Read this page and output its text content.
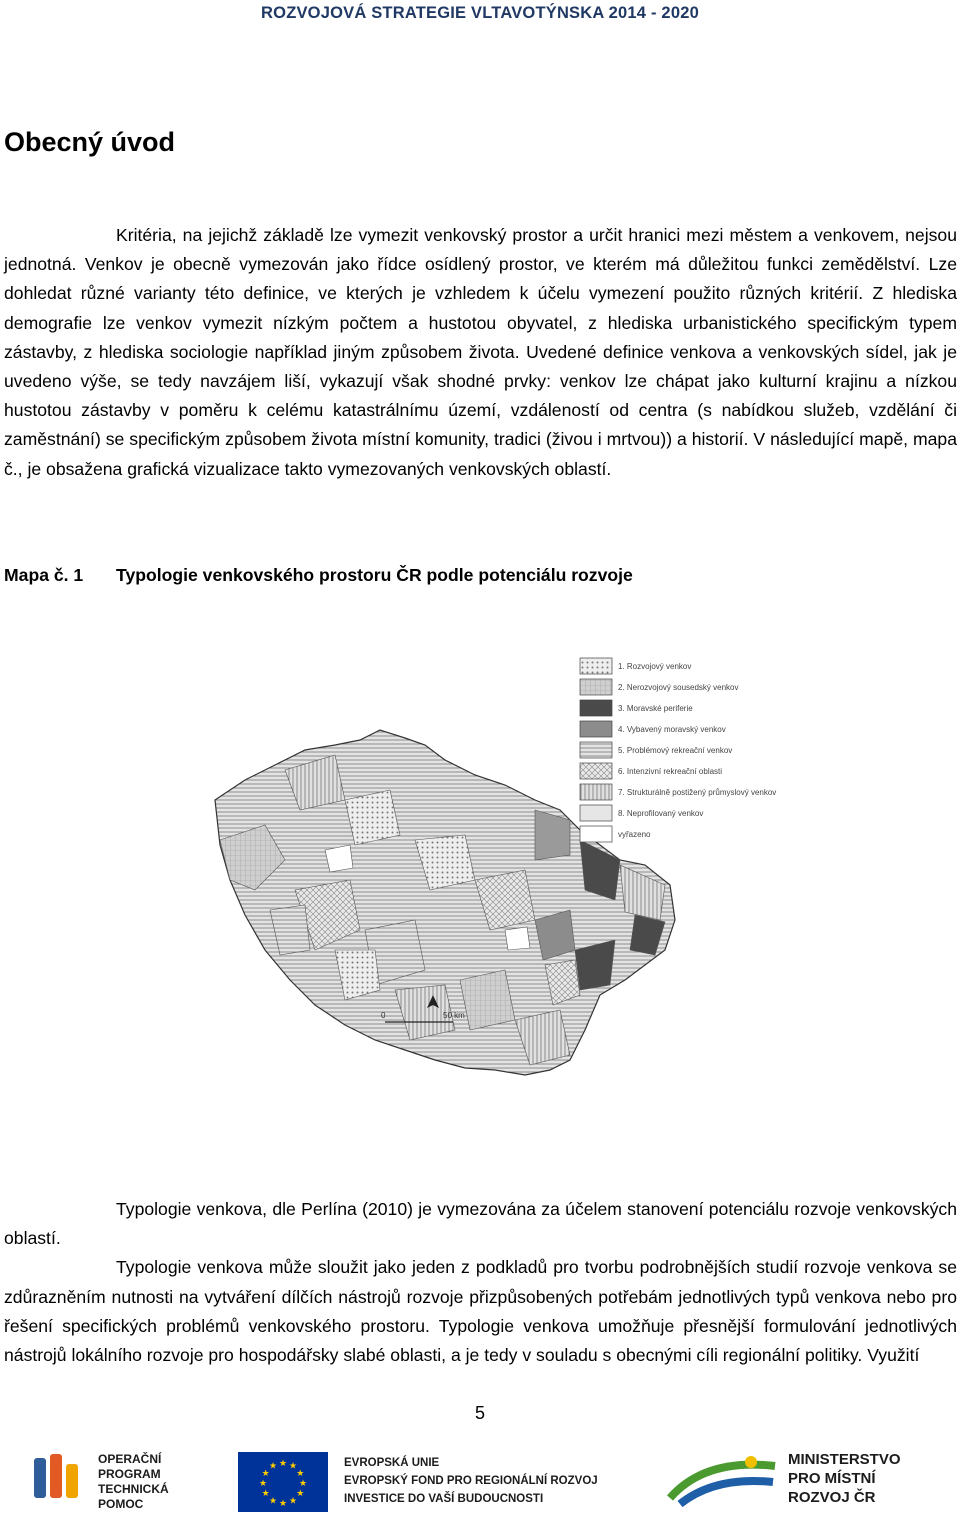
ROZVOJOVÁ STRATEGIE VLTAVOTÝNSKA 2014 - 2020
Obecný úvod
Kritéria, na jejichž základě lze vymezit venkovský prostor a určit hranici mezi městem a venkovem, nejsou jednotná. Venkov je obecně vymezován jako řídce osídlený prostor, ve kterém má důležitou funkci zemědělství. Lze dohledat různé varianty této definice, ve kterých je vzhledem k účelu vymezení použito různých kritérií. Z hlediska demografie lze venkov vymezit nízkým počtem a hustotou obyvatel, z hlediska urbanistického specifickým typem zástavby, z hlediska sociologie například jiným způsobem života. Uvedené definice venkova a venkovských sídel, jak je uvedeno výše, se tedy navzájem liší, vykazují však shodné prvky: venkov lze chápat jako kulturní krajinu a nízkou hustotou zástavby v poměru k celému katastrálnímu území, vzdáleností od centra (s nabídkou služeb, vzdělání či zaměstnání) se specifickým způsobem života místní komunity, tradici (živou i mrtvou)) a historií. V následující mapě, mapa č., je obsažena grafická vizualizace takto vymezovaných venkovských oblastí.
Mapa č. 1 Typologie venkovského prostoru ČR podle potenciálu rozvoje
1. Rozvojový venkov
2. Nerozvojový sousedský venkov
3. Moravské periferie
4. Vybavený moravský venkov
5. Problémový rekreační venkov
6. Intenzivní rekreační oblasti
7. Strukturálně postižený průmyslový venkov
8. Neprofilovaný venkov
vyřazeno
0	50 km
Typologie venkova, dle Perlína (2010) je vymezována za účelem stanovení potenciálu rozvoje venkovských oblastí.
Typologie venkova může sloužit jako jeden z podkladů pro tvorbu podrobnějších studií rozvoje venkova se zdůrazněním nutnosti na vytváření dílčích nástrojů rozvoje přizpůsobených potřebám jednotlivých typů venkova nebo pro řešení specifických problémů venkovského prostoru. Typologie venkova umožňuje přesnější formulování jednotlivých nástrojů lokálního rozvoje pro hospodářsky slabé oblasti, a je tedy v souladu s obecnými cíli regionální politiky. Využití
5
OPERAČNÍ
PROGRAM
TECHNICKÁ
POMOC
★
★
★
★
★
★
★
★
★ ★ ★
★
EVROPSKÁ UNIE
EVROPSKÝ FOND PRO REGIONÁLNÍ ROZVOJ
INVESTICE DO VAŠÍ BUDOUCNOSTI
MINISTERSTVO
PRO MÍSTNÍ
ROZVOJ ČR
